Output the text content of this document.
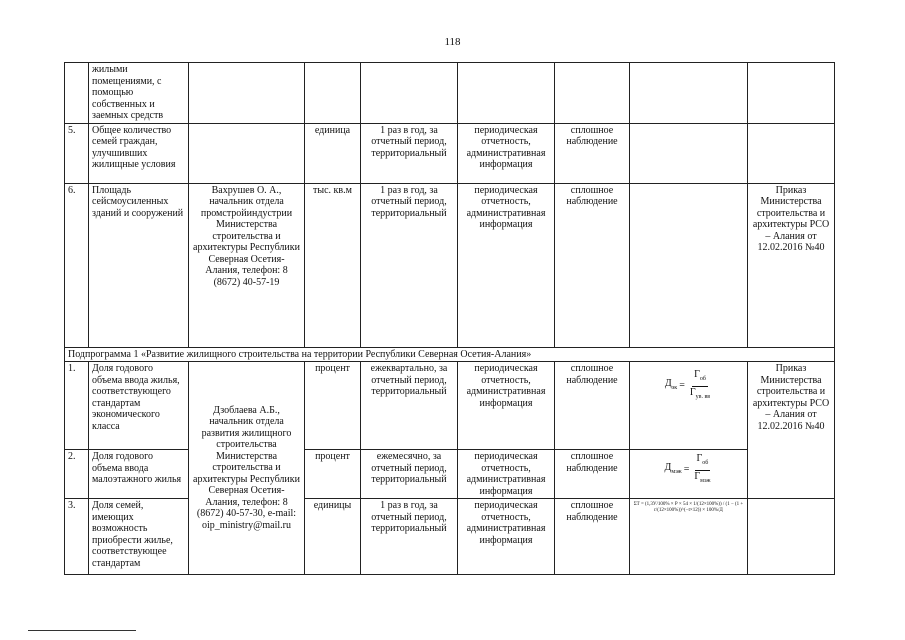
118
	жилыми помещениями, с помощью собственных и заемных средств							
5.	Общее количество семей граждан, улучшивших жилищные условия		единица	1 раз в год, за отчетный период, территориальный	периодическая отчетность, административная информация	сплошное наблюдение		
6.	Площадь сейсмоусиленных зданий и сооружений	Вахрушев О. А., начальник отдела промстройиндустрии Министерства строительства и архитектуры Республики Северная Осетия-Алания, телефон: 8 (8672) 40-57-19	тыс. кв.м	1 раз в год, за отчетный период, территориальный	периодическая отчетность, административная информация	сплошное наблюдение		Приказ Министерства строительства и архитектуры РСО – Алания от 12.02.2016 №40
Подпрограмма 1 «Развитие жилищного строительства на территории Республики Северная Осетия-Алания»								
1.	Доля годового объема ввода жилья, соответствующего стандартам экономического класса	Дзоблаева А.Б., начальник отдела развития жилищного строительства Министерства строительства и архитектуры Республики Северная Осетия-Алания, телефон: 8 (8672) 40-57-30, e-mail: oip_ministry@mail.ru	процент	ежеквартально, за отчетный период, территориальный	периодическая отчетность, административная информация	сплошное наблюдение	$Д_{эк} = \frac{Г_{об}}{Г_{ув. вв}}$	Приказ Министерства строительства и архитектуры РСО – Алания от 12.02.2016 №40
2.	Доля годового объема ввода малоэтажного жилья		процент	ежемесячно, за отчетный период, территориальный	периодическая отчетность, административная информация	сплошное наблюдение	$Д_{мэж} = \frac{Г_{об}}{Г_{мэж}}$

3.	Доля семей, имеющих возможность приобрести жилье, соответствующее стандартам		единицы	1 раз в год, за отчетный период, территориальный	периодическая отчетность, административная информация	сплошное наблюдение	ΣТ = (1,3У/100% × Р × 54 × 1/(12×100%)) / (1 − (1 + r/(12×100%))^(−t×12)) × 100%/Д	
